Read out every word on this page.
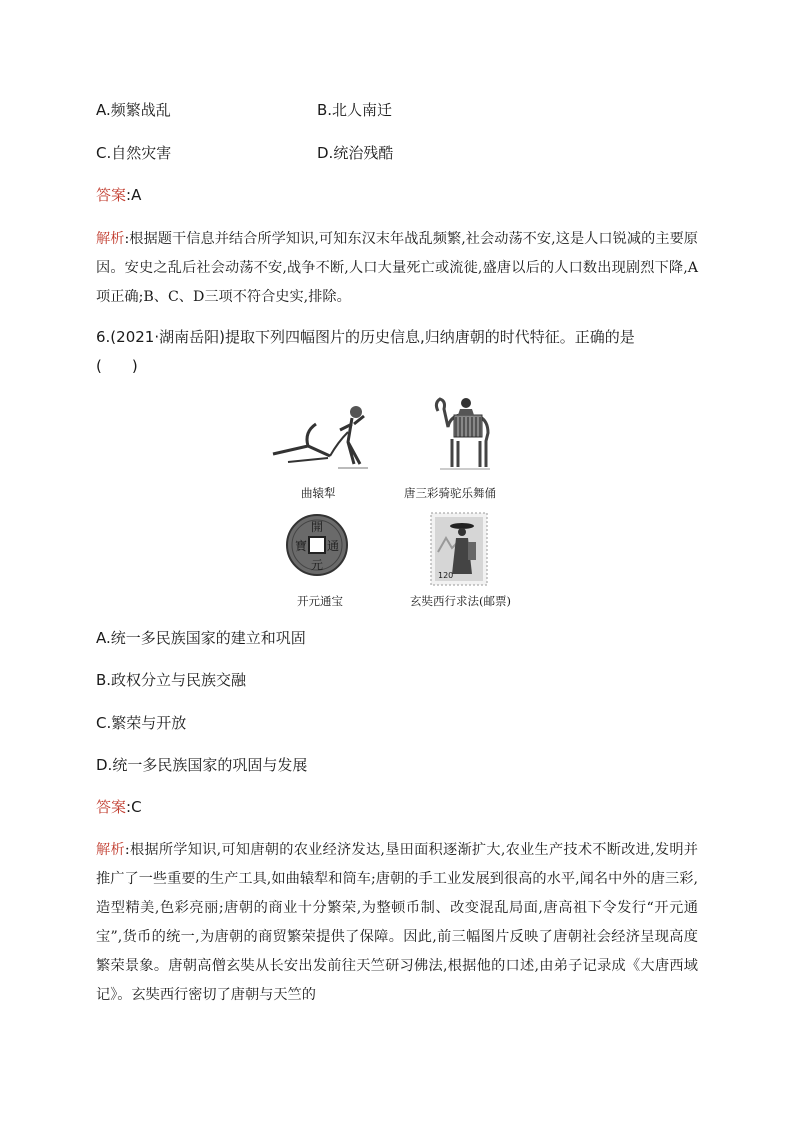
A.频繁战乱	B.北人南迁
C.自然灾害	D.统治残酷
答案:A
解析:根据题干信息并结合所学知识,可知东汉末年战乱频繁,社会动荡不安,这是人口锐减的主要原因。安史之乱后社会动荡不安,战争不断,人口大量死亡或流徙,盛唐以后的人口数出现剧烈下降,A项正确;B、C、D三项不符合史实,排除。
6.(2021·湖南岳阳)提取下列四幅图片的历史信息,归纳唐朝的时代特征。正确的是
(　　)
曲辕犁	唐三彩骑驼乐舞俑
開
元
通
寶
开元通宝
120
玄奘西行求法(邮票)
A.统一多民族国家的建立和巩固
B.政权分立与民族交融
C.繁荣与开放
D.统一多民族国家的巩固与发展
答案:C
解析:根据所学知识,可知唐朝的农业经济发达,垦田面积逐渐扩大,农业生产技术不断改进,发明并推广了一些重要的生产工具,如曲辕犁和筒车;唐朝的手工业发展到很高的水平,闻名中外的唐三彩,造型精美,色彩亮丽;唐朝的商业十分繁荣,为整顿币制、改变混乱局面,唐高祖下令发行“开元通宝”,货币的统一,为唐朝的商贸繁荣提供了保障。因此,前三幅图片反映了唐朝社会经济呈现高度繁荣景象。唐朝高僧玄奘从长安出发前往天竺研习佛法,根据他的口述,由弟子记录成《大唐西域记》。玄奘西行密切了唐朝与天竺的
